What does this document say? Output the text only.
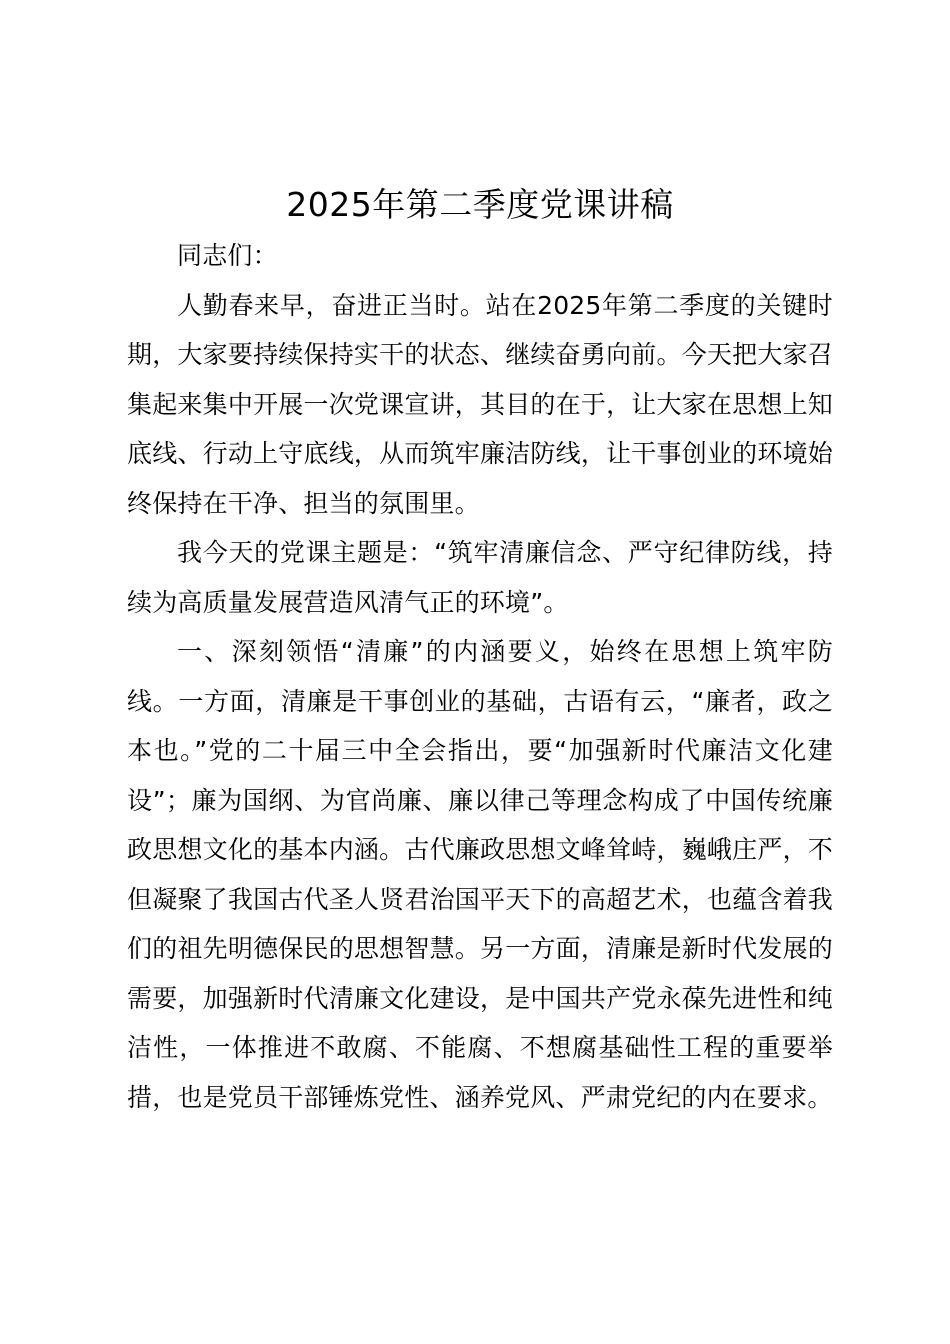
2025年第二季度党课讲稿

同志们：

人勤春来早，奋进正当时。站在2025年第二季度的关键时期，大家要持续保持实干的状态、继续奋勇向前。今天把大家召集起来集中开展一次党课宣讲，其目的在于，让大家在思想上知底线、行动上守底线，从而筑牢廉洁防线，让干事创业的环境始终保持在干净、担当的氛围里。

我今天的党课主题是：“筑牢清廉信念、严守纪律防线，持续为高质量发展营造风清气正的环境”。

一、深刻领悟“清廉”的内涵要义，始终在思想上筑牢防线。一方面，清廉是干事创业的基础，古语有云，“廉者，政之本也。”党的二十届三中全会指出，要“加强新时代廉洁文化建设”；廉为国纲、为官尚廉、廉以律己等理念构成了中国传统廉政思想文化的基本内涵。古代廉政思想文峰耸峙，巍峨庄严，不但凝聚了我国古代圣人贤君治国平天下的高超艺术，也蕴含着我们的祖先明德保民的思想智慧。另一方面，清廉是新时代发展的需要，加强新时代清廉文化建设，是中国共产党永葆先进性和纯洁性，一体推进不敢腐、不能腐、不想腐基础性工程的重要举措，也是党员干部锤炼党性、涵养党风、严肃党纪的内在要求。
